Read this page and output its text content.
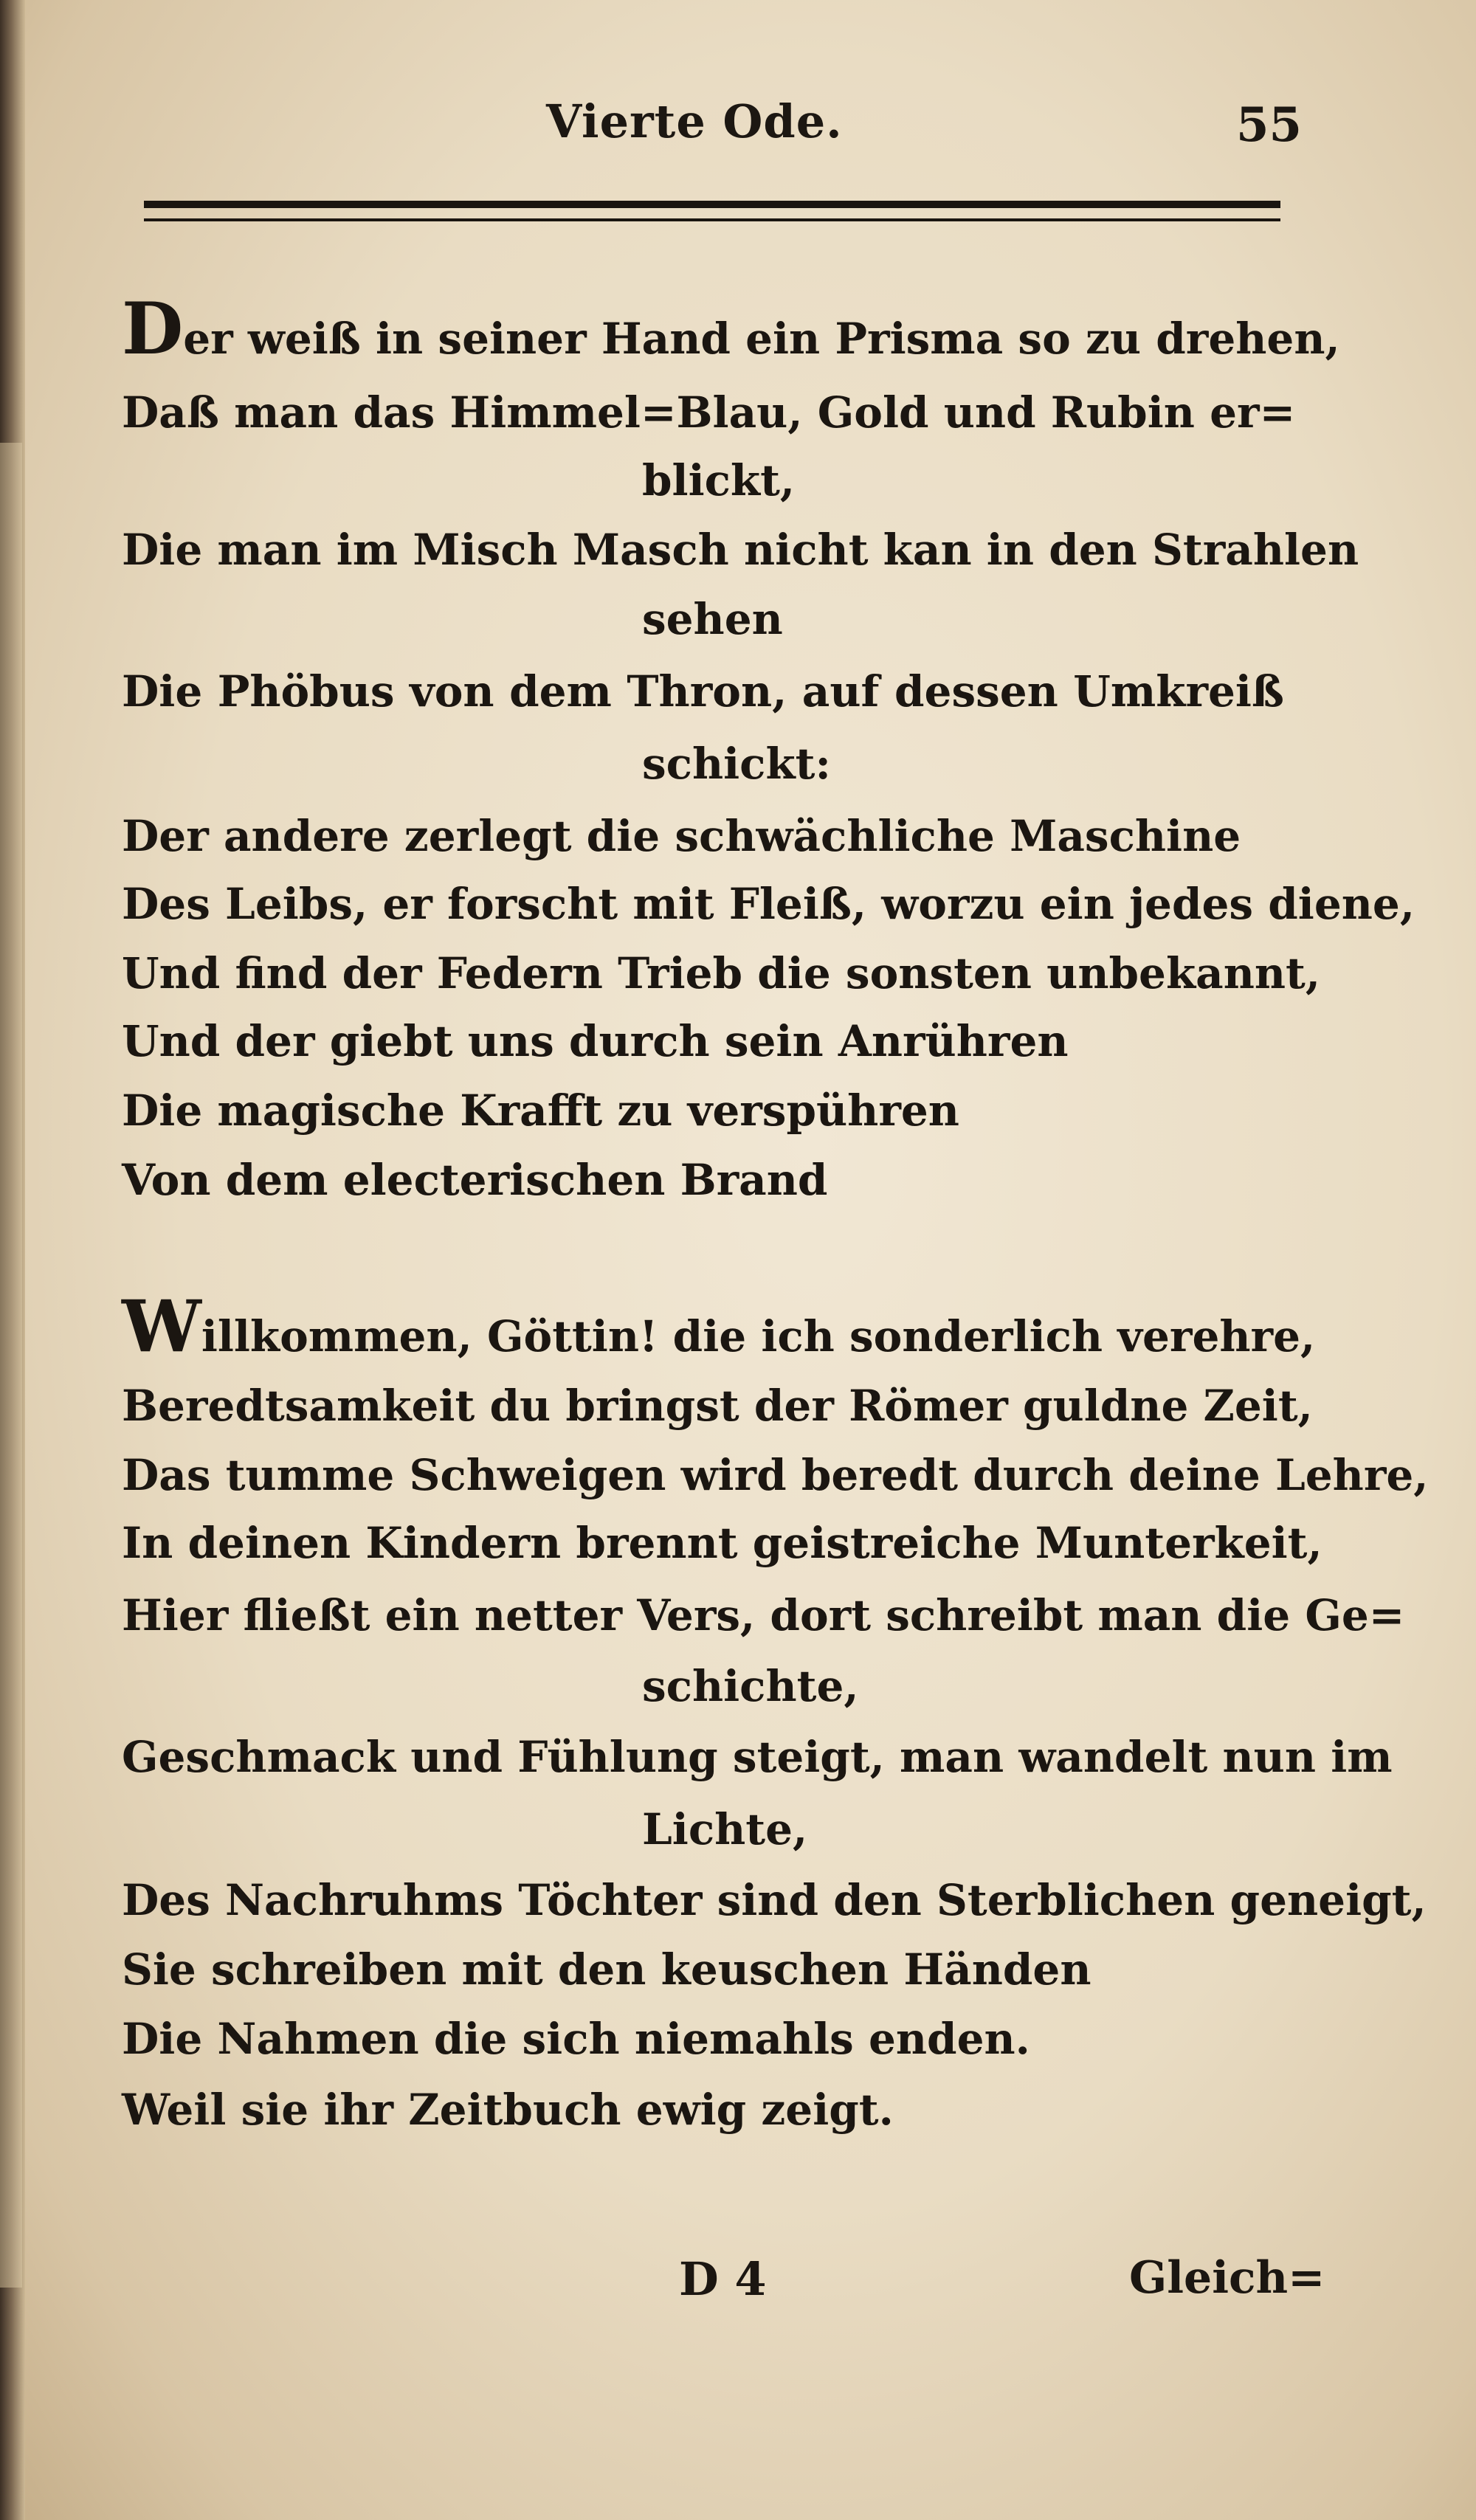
Vierte Ode.	55
Der weiß in seiner Hand ein Prisma so zu drehen,
Daß man das Himmel=Blau, Gold und Rubin er=
blickt,
Die man im Misch Masch nicht kan in den Strahlen
sehen
Die Phöbus von dem Thron, auf dessen Umkreiß
schickt:
Der andere zerlegt die schwächliche Maschine
Des Leibs, er forscht mit Fleiß, worzu ein jedes diene,
Und find der Federn Trieb die sonsten unbekannt,
Und der giebt uns durch sein Anrühren
Die magische Krafft zu verspühren
Von dem electerischen Brand
Willkommen, Göttin! die ich sonderlich verehre,
Beredtsamkeit du bringst der Römer guldne Zeit,
Das tumme Schweigen wird beredt durch deine Lehre,
In deinen Kindern brennt geistreiche Munterkeit,
Hier fließt ein netter Vers, dort schreibt man die Ge=
schichte,
Geschmack und Fühlung steigt, man wandelt nun im
Lichte,
Des Nachruhms Töchter sind den Sterblichen geneigt,
Sie schreiben mit den keuschen Händen
Die Nahmen die sich niemahls enden.
Weil sie ihr Zeitbuch ewig zeigt.
D 4	Gleich=
